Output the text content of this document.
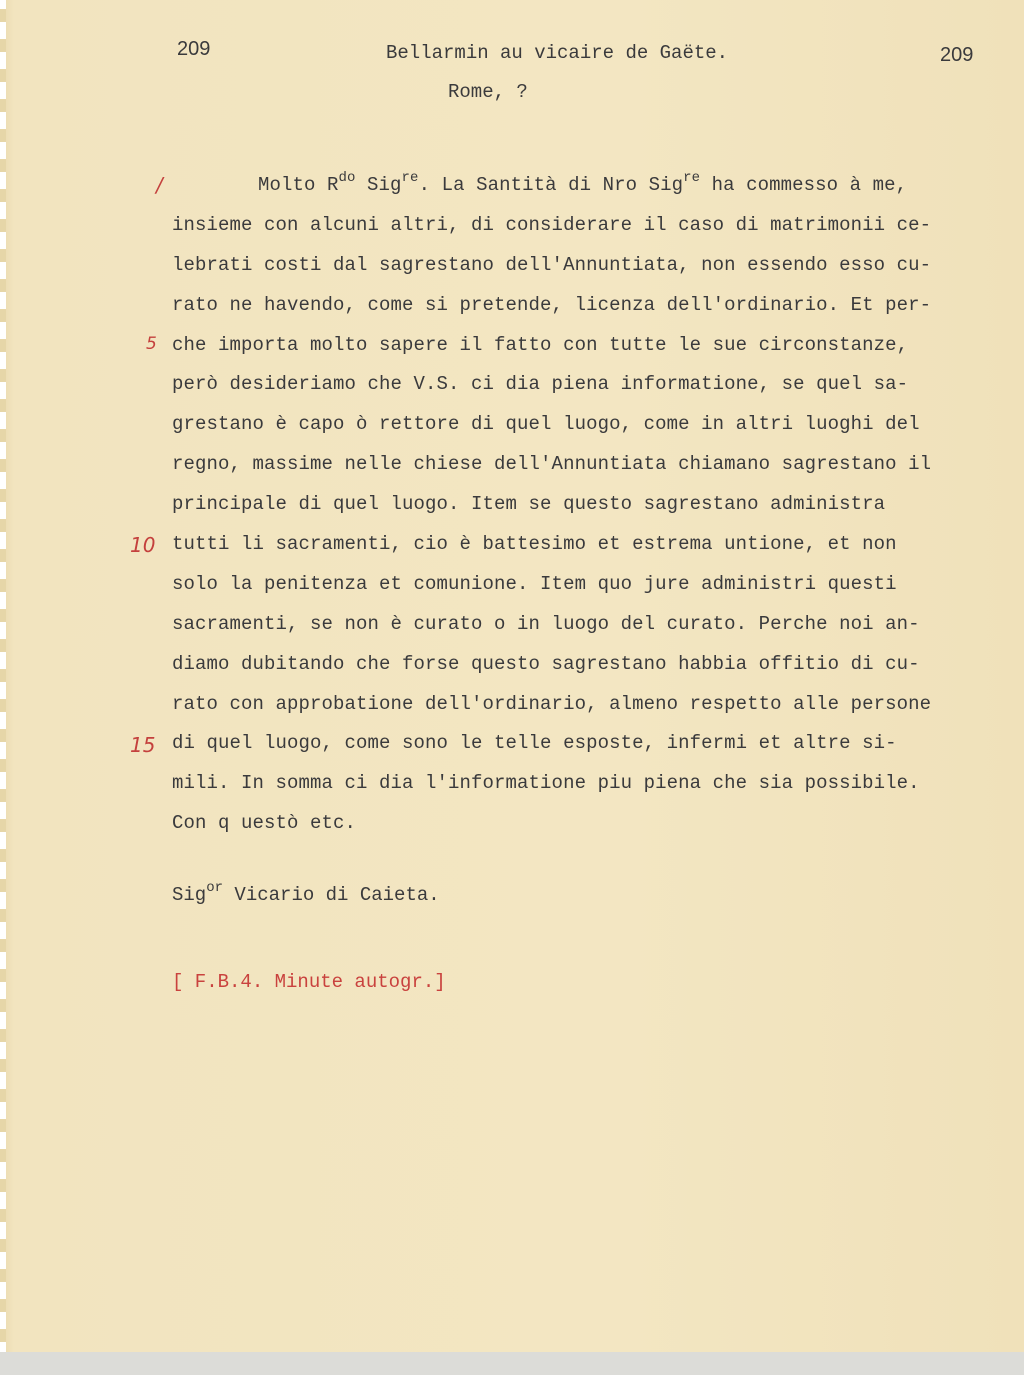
209	Bellarmin au vicaire de Gaëte.	209
Rome, ?
/
5
10
15
Molto $R^{do}$ Sig$^{re}$. La Santità di Nro Sig$^{re}$ ha commesso à me,
insieme con alcuni altri, di considerare il caso di matrimonii ce-
lebrati costi dal sagrestano dell'Annuntiata, non essendo esso cu-
rato ne havendo, come si pretende, licenza dell'ordinario. Et per-
che importa molto sapere il fatto con tutte le sue circonstanze,
però desideriamo che V.S. ci dia piena informatione, se quel sa-
grestano è capo ò rettore di quel luogo, come in altri luoghi del
regno, massime nelle chiese dell'Annuntiata chiamano sagrestano il
principale di quel luogo. Item se questo sagrestano administra
tutti li sacramenti, cio è battesimo et estrema untione, et non
solo la penitenza et comunione. Item quo jure administri questi
sacramenti, se non è curato o in luogo del curato. Perche noi an-
diamo dubitando che forse questo sagrestano habbia offitio di cu-
rato con approbatione dell'ordinario, almeno respetto alle persone
di quel luogo, come sono le telle esposte, infermi et altre si-
mili. In somma ci dia l'informatione piu piena che sia possibile.
Con q uestò etc.
Sig$^{or}$ Vicario di Caieta.
[ F.B.4. Minute autogr.]
